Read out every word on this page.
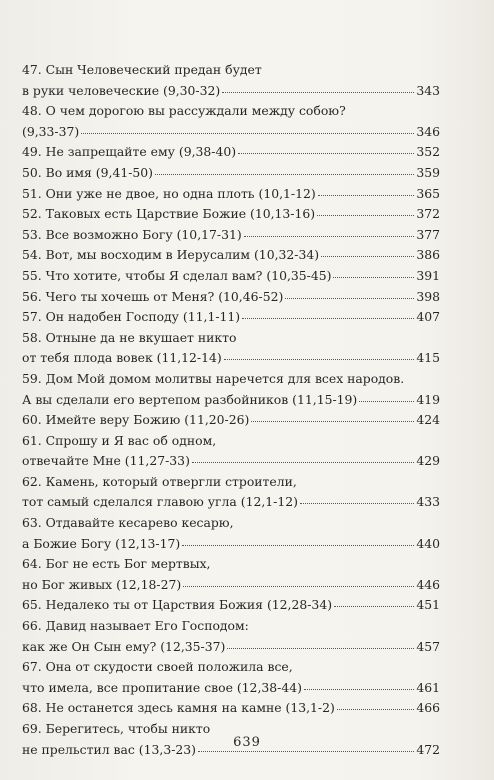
47. Сын Человеческий предан будет
в руки человеческие (9,30-32)	343
48. О чем дорогою вы рассуждали между собою?
(9,33-37)	346
49. Не запрещайте ему (9,38-40)	352
50. Во имя (9,41-50)	359
51. Они уже не двое, но одна плоть (10,1-12)	365
52. Таковых есть Царствие Божие (10,13-16)	372
53. Все возможно Богу (10,17-31)	377
54. Вот, мы восходим в Иерусалим (10,32-34)	386
55. Что хотите, чтобы Я сделал вам? (10,35-45)	391
56. Чего ты хочешь от Меня? (10,46-52)	398
57. Он надобен Господу (11,1-11)	407
58. Отныне да не вкушает никто
от тебя плода вовек (11,12-14)	415
59. Дом Мой домом молитвы наречется для всех народов.
А вы сделали его вертепом разбойников (11,15-19)	419
60. Имейте веру Божию (11,20-26)	424
61. Спрошу и Я вас об одном,
отвечайте Мне (11,27-33)	429
62. Камень, который отвергли строители,
тот самый сделался главою угла (12,1-12)	433
63. Отдавайте кесарево кесарю,
а Божие Богу (12,13-17)	440
64. Бог не есть Бог мертвых,
но Бог живых (12,18-27)	446
65. Недалеко ты от Царствия Божия (12,28-34)	451
66. Давид называет Его Господом:
как же Он Сын ему? (12,35-37)	457
67. Она от скудости своей положила все,
что имела, все пропитание свое (12,38-44)	461
68. Не останется здесь камня на камне (13,1-2)	466
69. Берегитесь, чтобы никто
не прельстил вас (13,3-23)	472
639
